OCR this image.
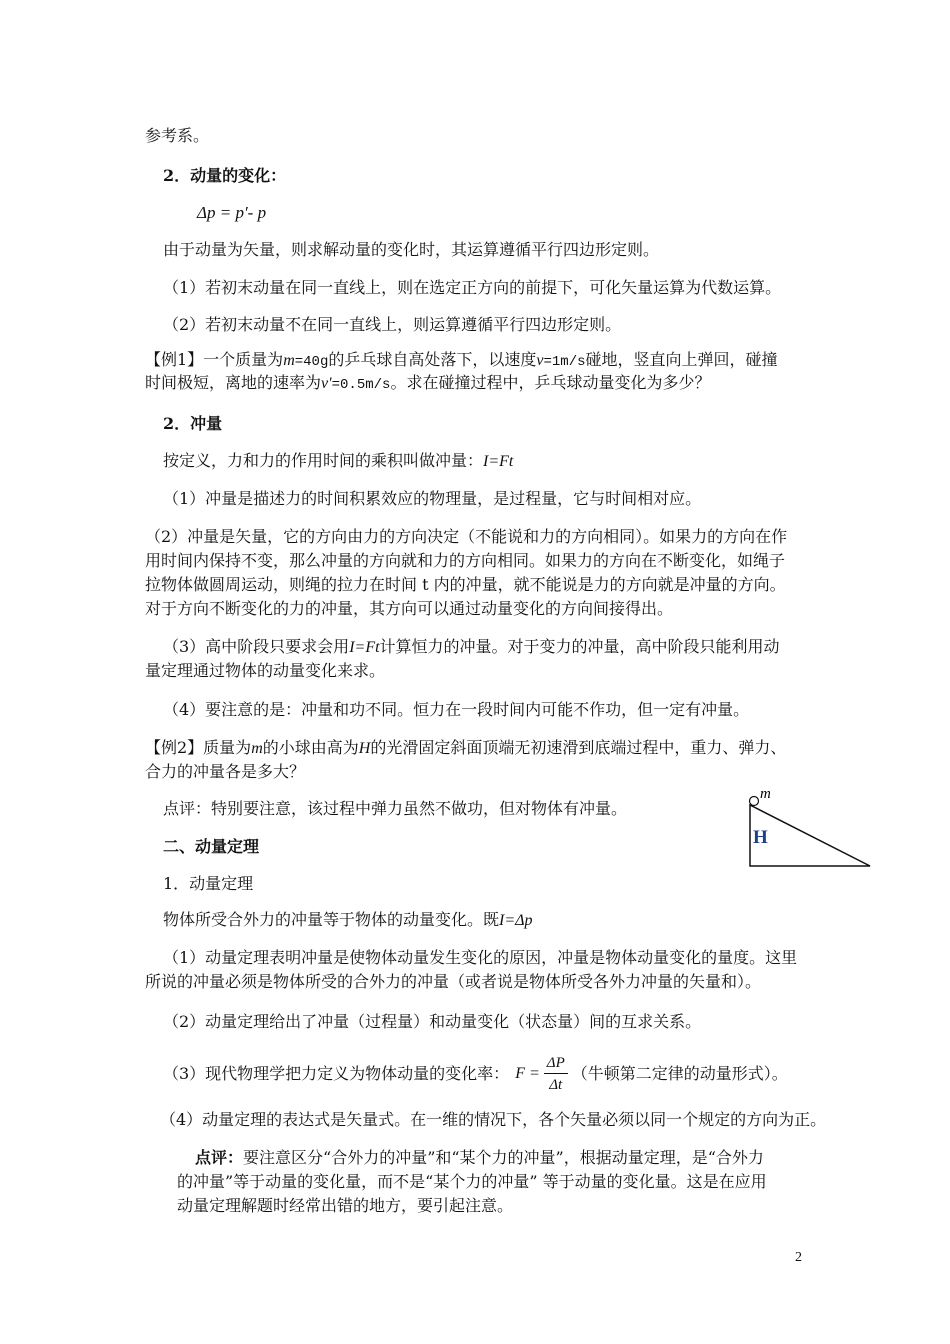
参考系。
2．动量的变化：
Δp = p′- p
由于动量为矢量，则求解动量的变化时，其运算遵循平行四边形定则。
（1）若初末动量在同一直线上，则在选定正方向的前提下，可化矢量运算为代数运算。
（2）若初末动量不在同一直线上，则运算遵循平行四边形定则。
【例1】一个质量为m=40g的乒乓球自高处落下，以速度v=1m/s碰地，竖直向上弹回，碰撞
时间极短，离地的速率为v′=0.5m/s。求在碰撞过程中，乒乓球动量变化为多少？
2．冲量
按定义，力和力的作用时间的乘积叫做冲量：I=Ft
（1）冲量是描述力的时间积累效应的物理量，是过程量，它与时间相对应。
（2）冲量是矢量，它的方向由力的方向决定（不能说和力的方向相同）。如果力的方向在作
用时间内保持不变，那么冲量的方向就和力的方向相同。如果力的方向在不断变化，如绳子
拉物体做圆周运动，则绳的拉力在时间 t 内的冲量，就不能说是力的方向就是冲量的方向。
对于方向不断变化的力的冲量，其方向可以通过动量变化的方向间接得出。
（3）高中阶段只要求会用I=Ft计算恒力的冲量。对于变力的冲量，高中阶段只能利用动
量定理通过物体的动量变化来求。
（4）要注意的是：冲量和功不同。恒力在一段时间内可能不作功，但一定有冲量。
【例2】质量为m的小球由高为H的光滑固定斜面顶端无初速滑到底端过程中，重力、弹力、
合力的冲量各是多大？
点评：特别要注意，该过程中弹力虽然不做功，但对物体有冲量。
m
H
二、动量定理
1．动量定理
物体所受合外力的冲量等于物体的动量变化。既I=Δp
（1）动量定理表明冲量是使物体动量发生变化的原因，冲量是物体动量变化的量度。这里
所说的冲量必须是物体所受的合外力的冲量（或者说是物体所受各外力冲量的矢量和）。
（2）动量定理给出了冲量（过程量）和动量变化（状态量）间的互求关系。
（3）现代物理学把力定义为物体动量的变化率： $F = \frac{\Delta P}{\Delta t}$ （牛顿第二定律的动量形式）。
（4）动量定理的表达式是矢量式。在一维的情况下，各个矢量必须以同一个规定的方向为正。
点评：要注意区分“合外力的冲量”和“某个力的冲量”，根据动量定理，是“合外力
的冲量”等于动量的变化量，而不是“某个力的冲量” 等于动量的变化量。这是在应用
动量定理解题时经常出错的地方，要引起注意。
2
